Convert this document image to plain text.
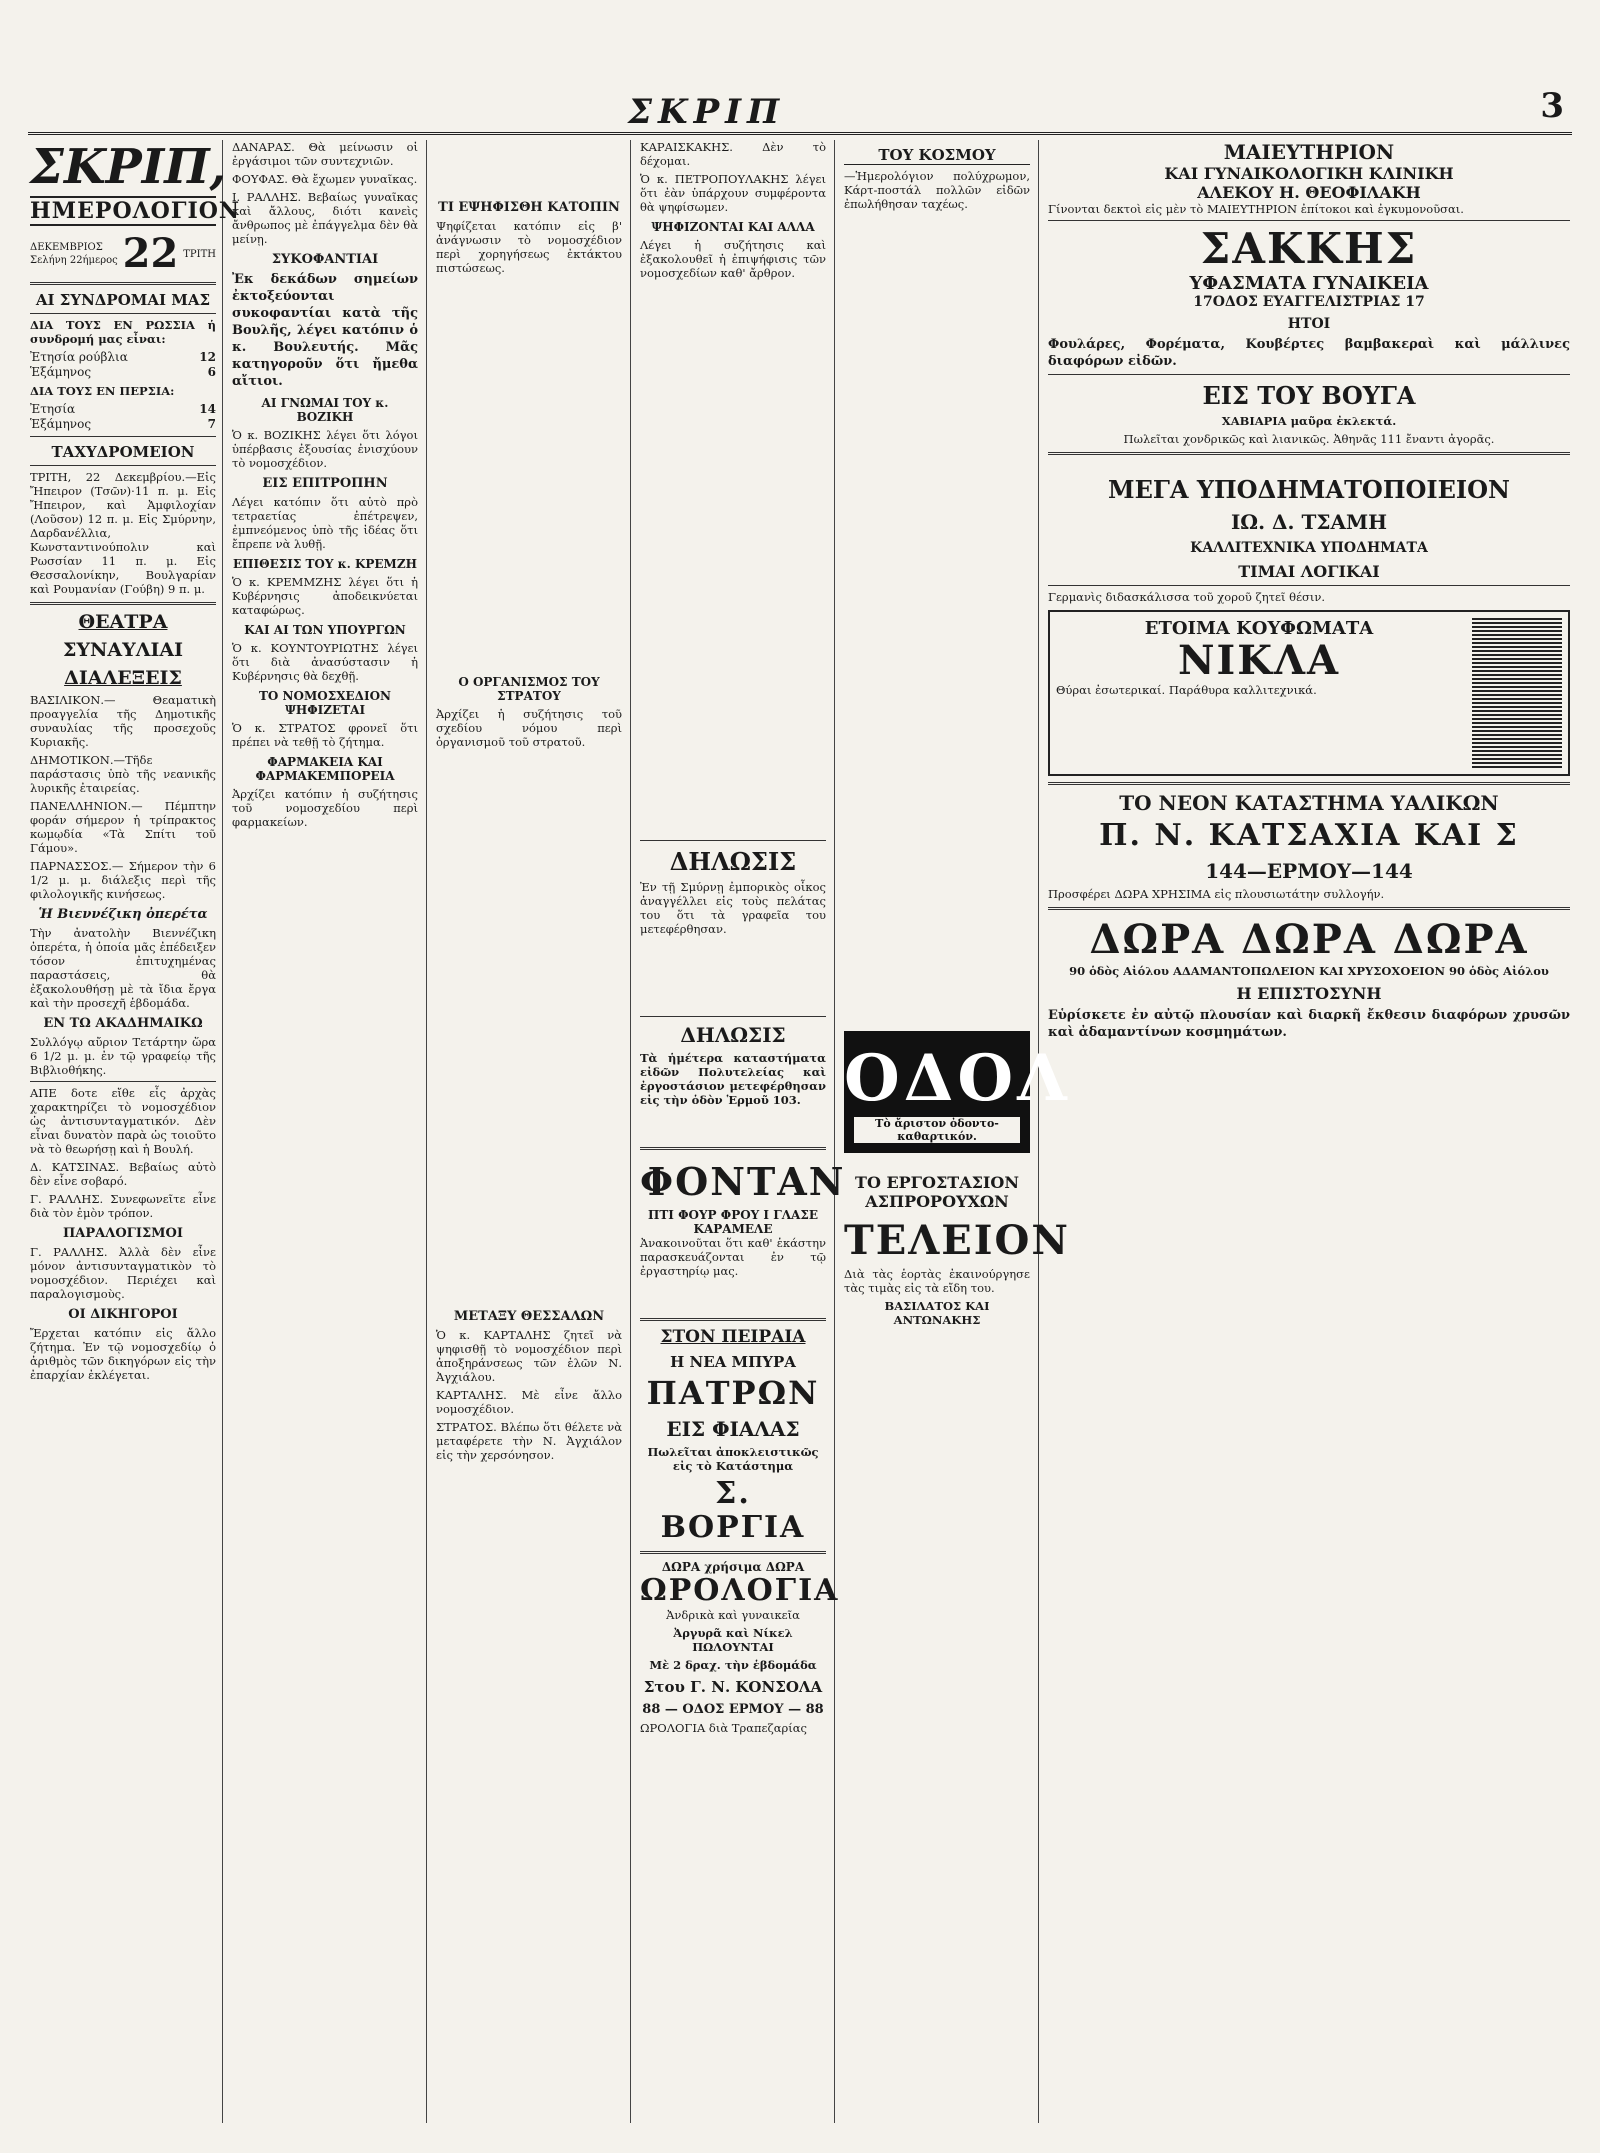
ΣΚΡΙΠ	3
ΣΚΡΙΠ,
ΗΜΕΡΟΛΟΓΙΟΝ
ΔΕΚΕΜΒΡΙΟΣ
Σελήνη 22ήμερος 22 ΤΡΙΤΗ
ΑΙ ΣΥΝΔΡΟΜΑΙ ΜΑΣ

ΔΙΑ ΤΟΥΣ ΕΝ ΡΩΣΣΙΑ ἡ συνδρομή μας εἶναι:

Ἐτησία ρούβλια	12
Ἑξάμηνος	6

ΔΙΑ ΤΟΥΣ ΕΝ ΠΕΡΣΙΑ:

Ἐτησία	14
Ἑξάμηνος	7
ΤΑΧΥΔΡΟΜΕΙΟΝ

ΤΡΙΤΗ, 22 Δεκεμβρίου.—Εἰς Ἤπειρον (Τσῶν)·11 π. μ. Εἰς Ἤπειρον, καὶ Ἀμφιλοχίαν (Λοῦσον) 12 π. μ. Εἰς Σμύρνην, Δαρδανέλλια, Κωνσταντινούπολιν καὶ Ρωσσίαν 11 π. μ. Εἰς Θεσσαλονίκην, Βουλγαρίαν καὶ Ρουμανίαν (Γούβη) 9 π. μ.

ΘΕΑΤΡΑ
ΣΥΝΑΥΛΙΑΙ
ΔΙΑΛΕΞΕΙΣ

ΒΑΣΙΛΙΚΟΝ.— Θεαματικὴ προαγγελία τῆς Δημοτικῆς συναυλίας τῆς προσεχοῦς Κυριακῆς.

ΔΗΜΟΤΙΚΟΝ.—Τῆδε παράστασις ὑπὸ τῆς νεανικῆς λυρικῆς ἐταιρείας.

ΠΑΝΕΛΛΗΝΙΟΝ.— Πέμπτην φοράν σήμερον ἡ τρίπρακτος κωμῳδία «Τὰ Σπίτι τοῦ Γάμου».

ΠΑΡΝΑΣΣΟΣ.— Σήμερον τὴν 6 1/2 μ. μ. διάλεξις περὶ τῆς φιλολογικῆς κινήσεως.

Ἡ Βιεννέζικη ὀπερέτα

Τὴν ἀνατολὴν Βιεννέζικη ὀπερέτα, ἡ ὁποία μᾶς ἐπέδειξεν τόσον ἐπιτυχημένας παραστάσεις, θὰ ἐξακολουθήσῃ μὲ τὰ ἴδια ἔργα καὶ τὴν προσεχῆ ἑβδομάδα.

ΕΝ ΤΩ ΑΚΑΔΗΜΑΙΚΩ

Συλλόγῳ αὔριον Τετάρτην ὥρα 6 1/2 μ. μ. ἐν τῷ γραφείῳ τῆς Βιβλιοθήκης.

ΑΠΕ δοτε εἴθε εἶς ἀρχὰς χαρακτηρίζει τὸ νομοσχέδιον ὡς ἀντισυνταγματικόν. Δὲν εἶναι δυνατὸν παρὰ ὡς τοιοῦτο νὰ τὸ θεωρήσῃ καὶ ἡ Βουλή.

Δ. ΚΑΤΣΙΝΑΣ. Βεβαίως αὐτὸ δὲν εἶνε σοβαρό.

Γ. ΡΑΛΛΗΣ. Συνεφωνεῖτε εἶνε διὰ τὸν ἐμὸν τρόπον.

ΠΑΡΑΛΟΓΙΣΜΟΙ

Γ. ΡΑΛΛΗΣ. Ἀλλὰ δὲν εἶνε μόνον ἀντισυνταγματικὸν τὸ νομοσχέδιον. Περιέχει καὶ παραλογισμοὺς.

ΟΙ ΔΙΚΗΓΟΡΟΙ

Ἔρχεται κατόπιν εἰς ἄλλο ζήτημα. Ἐν τῷ νομοσχεδίῳ ὁ ἀριθμὸς τῶν δικηγόρων εἰς τὴν ἐπαρχίαν ἐκλέγεται.

ΔΑΝΑΡΑΣ. Θὰ μείνωσιν οἱ ἐργάσιμοι τῶν συντεχνιῶν.

ΦΟΥΦΑΣ. Θὰ ἔχωμεν γυναῖκας.

Ι. ΡΑΛΛΗΣ. Βεβαίως γυναῖκας καὶ ἄλλους, διότι κανεὶς ἄνθρωπος μὲ ἐπάγγελμα δὲν θὰ μείνῃ.

ΣΥΚΟΦΑΝΤΙΑΙ

Ἐκ δεκάδων σημείων ἐκτοξεύονται συκοφαντίαι κατὰ τῆς Βουλῆς, λέγει κατόπιν ὁ κ. Βουλευτής. Μᾶς κατηγοροῦν ὅτι ἤμεθα αἴτιοι.

ΑΙ ΓΝΩΜΑΙ ΤΟΥ κ. ΒΟΖΙΚΗ

Ὁ κ. ΒΟΖΙΚΗΣ λέγει ὅτι λόγοι ὑπέρβασις ἐξουσίας ἐνισχύουν τὸ νομοσχέδιον.

ΕΙΣ ΕΠΙΤΡΟΠΗΝ

Λέγει κατόπιν ὅτι αὐτὸ πρὸ τετραετίας ἐπέτρεψεν, ἐμπνεόμενος ὑπὸ τῆς ἰδέας ὅτι ἔπρεπε νὰ λυθῇ.

ΕΠΙΘΕΣΙΣ ΤΟΥ κ. ΚΡΕΜΖΗ

Ὁ κ. ΚΡΕΜΜΖΗΣ λέγει ὅτι ἡ Κυβέρνησις ἀποδεικνύεται καταφώρως.

ΚΑΙ ΑΙ ΤΩΝ ΥΠΟΥΡΓΩΝ

Ὁ κ. ΚΟΥΝΤΟΥΡΙΩΤΗΣ λέγει ὅτι διὰ ἀνασύστασιν ἡ Κυβέρνησις θὰ δεχθῇ.

ΤΟ ΝΟΜΟΣΧΕΔΙΟΝ ΨΗΦΙΖΕΤΑΙ

Ὁ κ. ΣΤΡΑΤΟΣ φρονεῖ ὅτι πρέπει νὰ τεθῇ τὸ ζήτημα.

ΦΑΡΜΑΚΕΙΑ ΚΑΙ ΦΑΡΜΑΚΕΜΠΟΡΕΙΑ

Ἀρχίζει κατόπιν ἡ συζήτησις τοῦ νομοσχεδίου περὶ φαρμακείων.

ΤΙ ΕΨΗΦΙΣΘΗ ΚΑΤΟΠΙΝ

Ψηφίζεται κατόπιν εἰς β' ἀνάγνωσιν τὸ νομοσχέδιον περὶ χορηγήσεως ἐκτάκτου πιστώσεως.

Ο ΟΡΓΑΝΙΣΜΟΣ ΤΟΥ ΣΤΡΑΤΟΥ

Ἀρχίζει ἡ συζήτησις τοῦ σχεδίου νόμου περὶ ὀργανισμοῦ τοῦ στρατοῦ.

ΜΕΤΑΞΥ ΘΕΣΣΑΛΩΝ

Ὁ κ. ΚΑΡΤΑΛΗΣ ζητεῖ νὰ ψηφισθῇ τὸ νομοσχέδιον περὶ ἀποξηράνσεως τῶν ἑλῶν Ν. Ἀγχιάλου.

ΚΑΡΤΑΛΗΣ. Μὲ εἶνε ἄλλο νομοσχέδιον.

ΣΤΡΑΤΟΣ. Βλέπω ὅτι θέλετε νὰ μεταφέρετε τὴν Ν. Ἀγχιάλον εἰς τὴν χερσόνησον.

ΚΑΡΑΙΣΚΑΚΗΣ. Δὲν τὸ δέχομαι.

Ὁ κ. ΠΕΤΡΟΠΟΥΛΑΚΗΣ λέγει ὅτι ἐὰν ὑπάρχουν συμφέροντα θὰ ψηφίσωμεν.

ΨΗΦΙΖΟΝΤΑΙ ΚΑΙ ΑΛΛΑ

Λέγει ἡ συζήτησις καὶ ἐξακολουθεῖ ἡ ἐπιψήφισις τῶν νομοσχεδίων καθ' ἄρθρον.

ΔΗΛΩΣΙΣ

Ἐν τῇ Σμύρνῃ ἐμπορικὸς οἶκος ἀναγγέλλει εἰς τοὺς πελάτας του ὅτι τὰ γραφεῖα του μετεφέρθησαν.

ΔΗΛΩΣΙΣ

Τὰ ἡμέτερα καταστήματα εἰδῶν Πολυτελείας καὶ ἐργοστάσιον μετεφέρθησαν εἰς τὴν ὁδὸν Ἑρμοῦ 103.

ΦΟΝΤΑΝ
ΠΤΙ ΦΟΥΡ ΦΡΟΥ Ι ΓΛΑΣΕ ΚΑΡΑΜΕΛΕ

Ἀνακοινοῦται ὅτι καθ' ἑκάστην παρασκευάζονται ἐν τῷ ἐργαστηρίῳ μας.

ΣΤΟΝ ΠΕΙΡΑΙΑ
Η ΝΕΑ ΜΠΥΡΑ
ΠΑΤΡΩΝ
ΕΙΣ ΦΙΑΛΑΣ

Πωλεῖται ἀποκλειστικῶς εἰς τὸ Κατάστημα

Σ. ΒΟΡΓΙΑ
ΔΩΡΑ χρήσιμα ΔΩΡΑ
ΩΡΟΛΟΓΙΑ

Ἀνδρικὰ καὶ γυναικεῖα

Ἀργυρᾶ καὶ Νίκελ ΠΩΛΟΥΝΤΑΙ

Μὲ 2 δραχ. τὴν ἑβδομάδα

Στου Γ. Ν. ΚΟΝΣΟΛΑ
88 — ΟΔΟΣ ΕΡΜΟΥ — 88

ΩΡΟΛΟΓΙΑ διὰ Τραπεζαρίας

ΤΟΥ ΚΟΣΜΟΥ

—Ἡμερολόγιον πολύχρωμον, Κάρτ-ποστάλ πολλῶν εἰδῶν ἐπωλήθησαν ταχέως.

ΟΔΟΛ
Τὸ ἄριστον ὀδοντο-καθαρτικόν.
ΤΟ ΕΡΓΟΣΤΑΣΙΟΝ ΑΣΠΡΟΡΟΥΧΩΝ
ΤΕΛΕΙΟΝ

Διὰ τὰς ἑορτὰς ἐκαινούργησε τὰς τιμὰς εἰς τὰ εἴδη του.

ΒΑΣΙΛΑΤΟΣ ΚΑΙ ΑΝΤΩΝΑΚΗΣ

ΜΑΙΕΥΤΗΡΙΟΝ
ΚΑΙ ΓΥΝΑΙΚΟΛΟΓΙΚΗ ΚΛΙΝΙΚΗ
ΑΛΕΚΟΥ Η. ΘΕΟΦΙΛΑΚΗ

Γίνονται δεκτοὶ εἰς μὲν τὸ ΜΑΙΕΥΤΗΡΙΟΝ ἐπίτοκοι καὶ ἐγκυμονοῦσαι.

ΣΑΚΚΗΣ
ΥΦΑΣΜΑΤΑ ΓΥΝΑΙΚΕΙΑ
17ΟΔΟΣ ΕΥΑΓΓΕΛΙΣΤΡΙΑΣ 17
ΗΤΟΙ

Φουλάρες, Φορέματα, Κουβέρτες βαμβακεραὶ καὶ μάλλινες διαφόρων εἰδῶν.

ΕΙΣ ΤΟΥ ΒΟΥΓΑ

ΧΑΒΙΑΡΙΑ μαῦρα ἐκλεκτά.

Πωλεῖται χονδρικῶς καὶ λιανικῶς. Ἀθηνᾶς 111 ἔναντι ἀγορᾶς.

ΜΕΓΑ ΥΠΟΔΗΜΑΤΟΠΟΙΕΙΟΝ
ΙΩ. Δ. ΤΣΑΜΗ
ΚΑΛΛΙΤΕΧΝΙΚΑ ΥΠΟΔΗΜΑΤΑ
ΤΙΜΑΙ ΛΟΓΙΚΑΙ

Γερμανὶς διδασκάλισσα τοῦ χοροῦ ζητεῖ θέσιν.

ΕΤΟΙΜΑ ΚΟΥΦΩΜΑΤΑ
ΝΙΚΛΑ

Θύραι ἐσωτερικαί. Παράθυρα καλλιτεχνικά.

ΤΟ ΝΕΟΝ ΚΑΤΑΣΤΗΜΑ ΥΑΛΙΚΩΝ
Π. Ν. ΚΑΤΣΑΧΙΑ ΚΑΙ Σ
144—ΕΡΜΟΥ—144

Προσφέρει ΔΩΡΑ ΧΡΗΣΙΜΑ εἰς πλουσιωτάτην συλλογήν.

ΔΩΡΑ ΔΩΡΑ ΔΩΡΑ

90 ὁδὸς Αἰόλου ΑΔΑΜΑΝΤΟΠΩΛΕΙΟΝ ΚΑΙ ΧΡΥΣΟΧΟΕΙΟΝ 90 ὁδὸς Αἰόλου

Η ΕΠΙΣΤΟΣΥΝΗ

Εὑρίσκετε ἐν αὐτῷ πλουσίαν καὶ διαρκῆ ἔκθεσιν διαφόρων χρυσῶν καὶ ἀδαμαντίνων κοσμημάτων.
